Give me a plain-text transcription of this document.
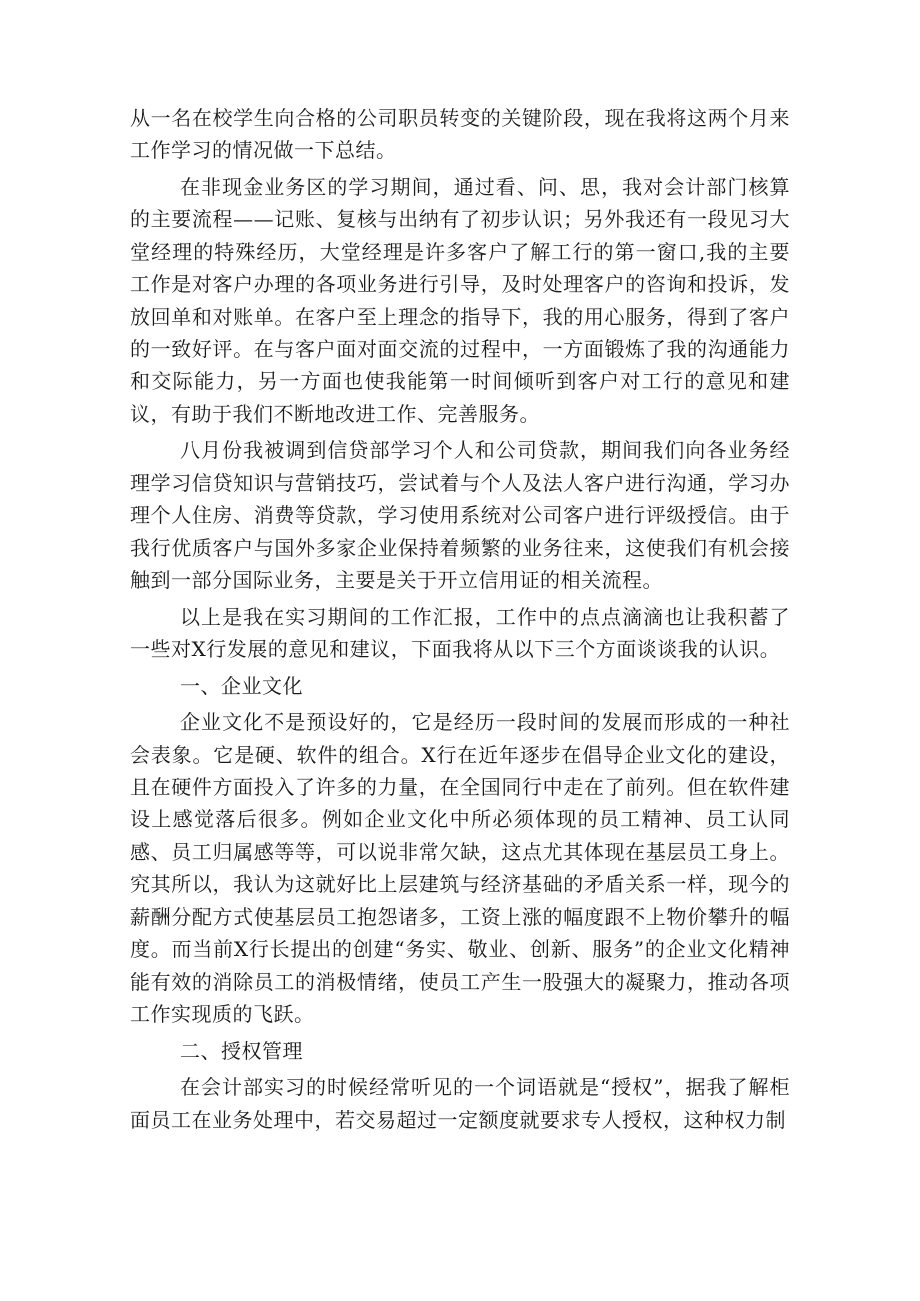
从一名在校学生向合格的公司职员转变的关键阶段，现在我将这两个月来工作学习的情况做一下总结。

在非现金业务区的学习期间，通过看、问、思，我对会计部门核算的主要流程——记账、复核与出纳有了初步认识；另外我还有一段见习大堂经理的特殊经历，大堂经理是许多客户了解工行的第一窗口,我的主要工作是对客户办理的各项业务进行引导，及时处理客户的咨询和投诉，发放回单和对账单。在客户至上理念的指导下，我的用心服务，得到了客户的一致好评。在与客户面对面交流的过程中，一方面锻炼了我的沟通能力和交际能力，另一方面也使我能第一时间倾听到客户对工行的意见和建议，有助于我们不断地改进工作、完善服务。

八月份我被调到信贷部学习个人和公司贷款，期间我们向各业务经理学习信贷知识与营销技巧，尝试着与个人及法人客户进行沟通，学习办理个人住房、消费等贷款，学习使用系统对公司客户进行评级授信。由于我行优质客户与国外多家企业保持着频繁的业务往来，这使我们有机会接触到一部分国际业务，主要是关于开立信用证的相关流程。

以上是我在实习期间的工作汇报，工作中的点点滴滴也让我积蓄了一些对X行发展的意见和建议，下面我将从以下三个方面谈谈我的认识。

一、企业文化

企业文化不是预设好的，它是经历一段时间的发展而形成的一种社会表象。它是硬、软件的组合。X行在近年逐步在倡导企业文化的建设，且在硬件方面投入了许多的力量，在全国同行中走在了前列。但在软件建设上感觉落后很多。例如企业文化中所必须体现的员工精神、员工认同感、员工归属感等等，可以说非常欠缺，这点尤其体现在基层员工身上。究其所以，我认为这就好比上层建筑与经济基础的矛盾关系一样，现今的薪酬分配方式使基层员工抱怨诸多，工资上涨的幅度跟不上物价攀升的幅度。而当前X行长提出的创建“务实、敬业、创新、服务”的企业文化精神能有效的消除员工的消极情绪，使员工产生一股强大的凝聚力，推动各项工作实现质的飞跃。

二、授权管理

在会计部实习的时候经常听见的一个词语就是“授权”，据我了解柜面员工在业务处理中，若交易超过一定额度就要求专人授权，这种权力制
